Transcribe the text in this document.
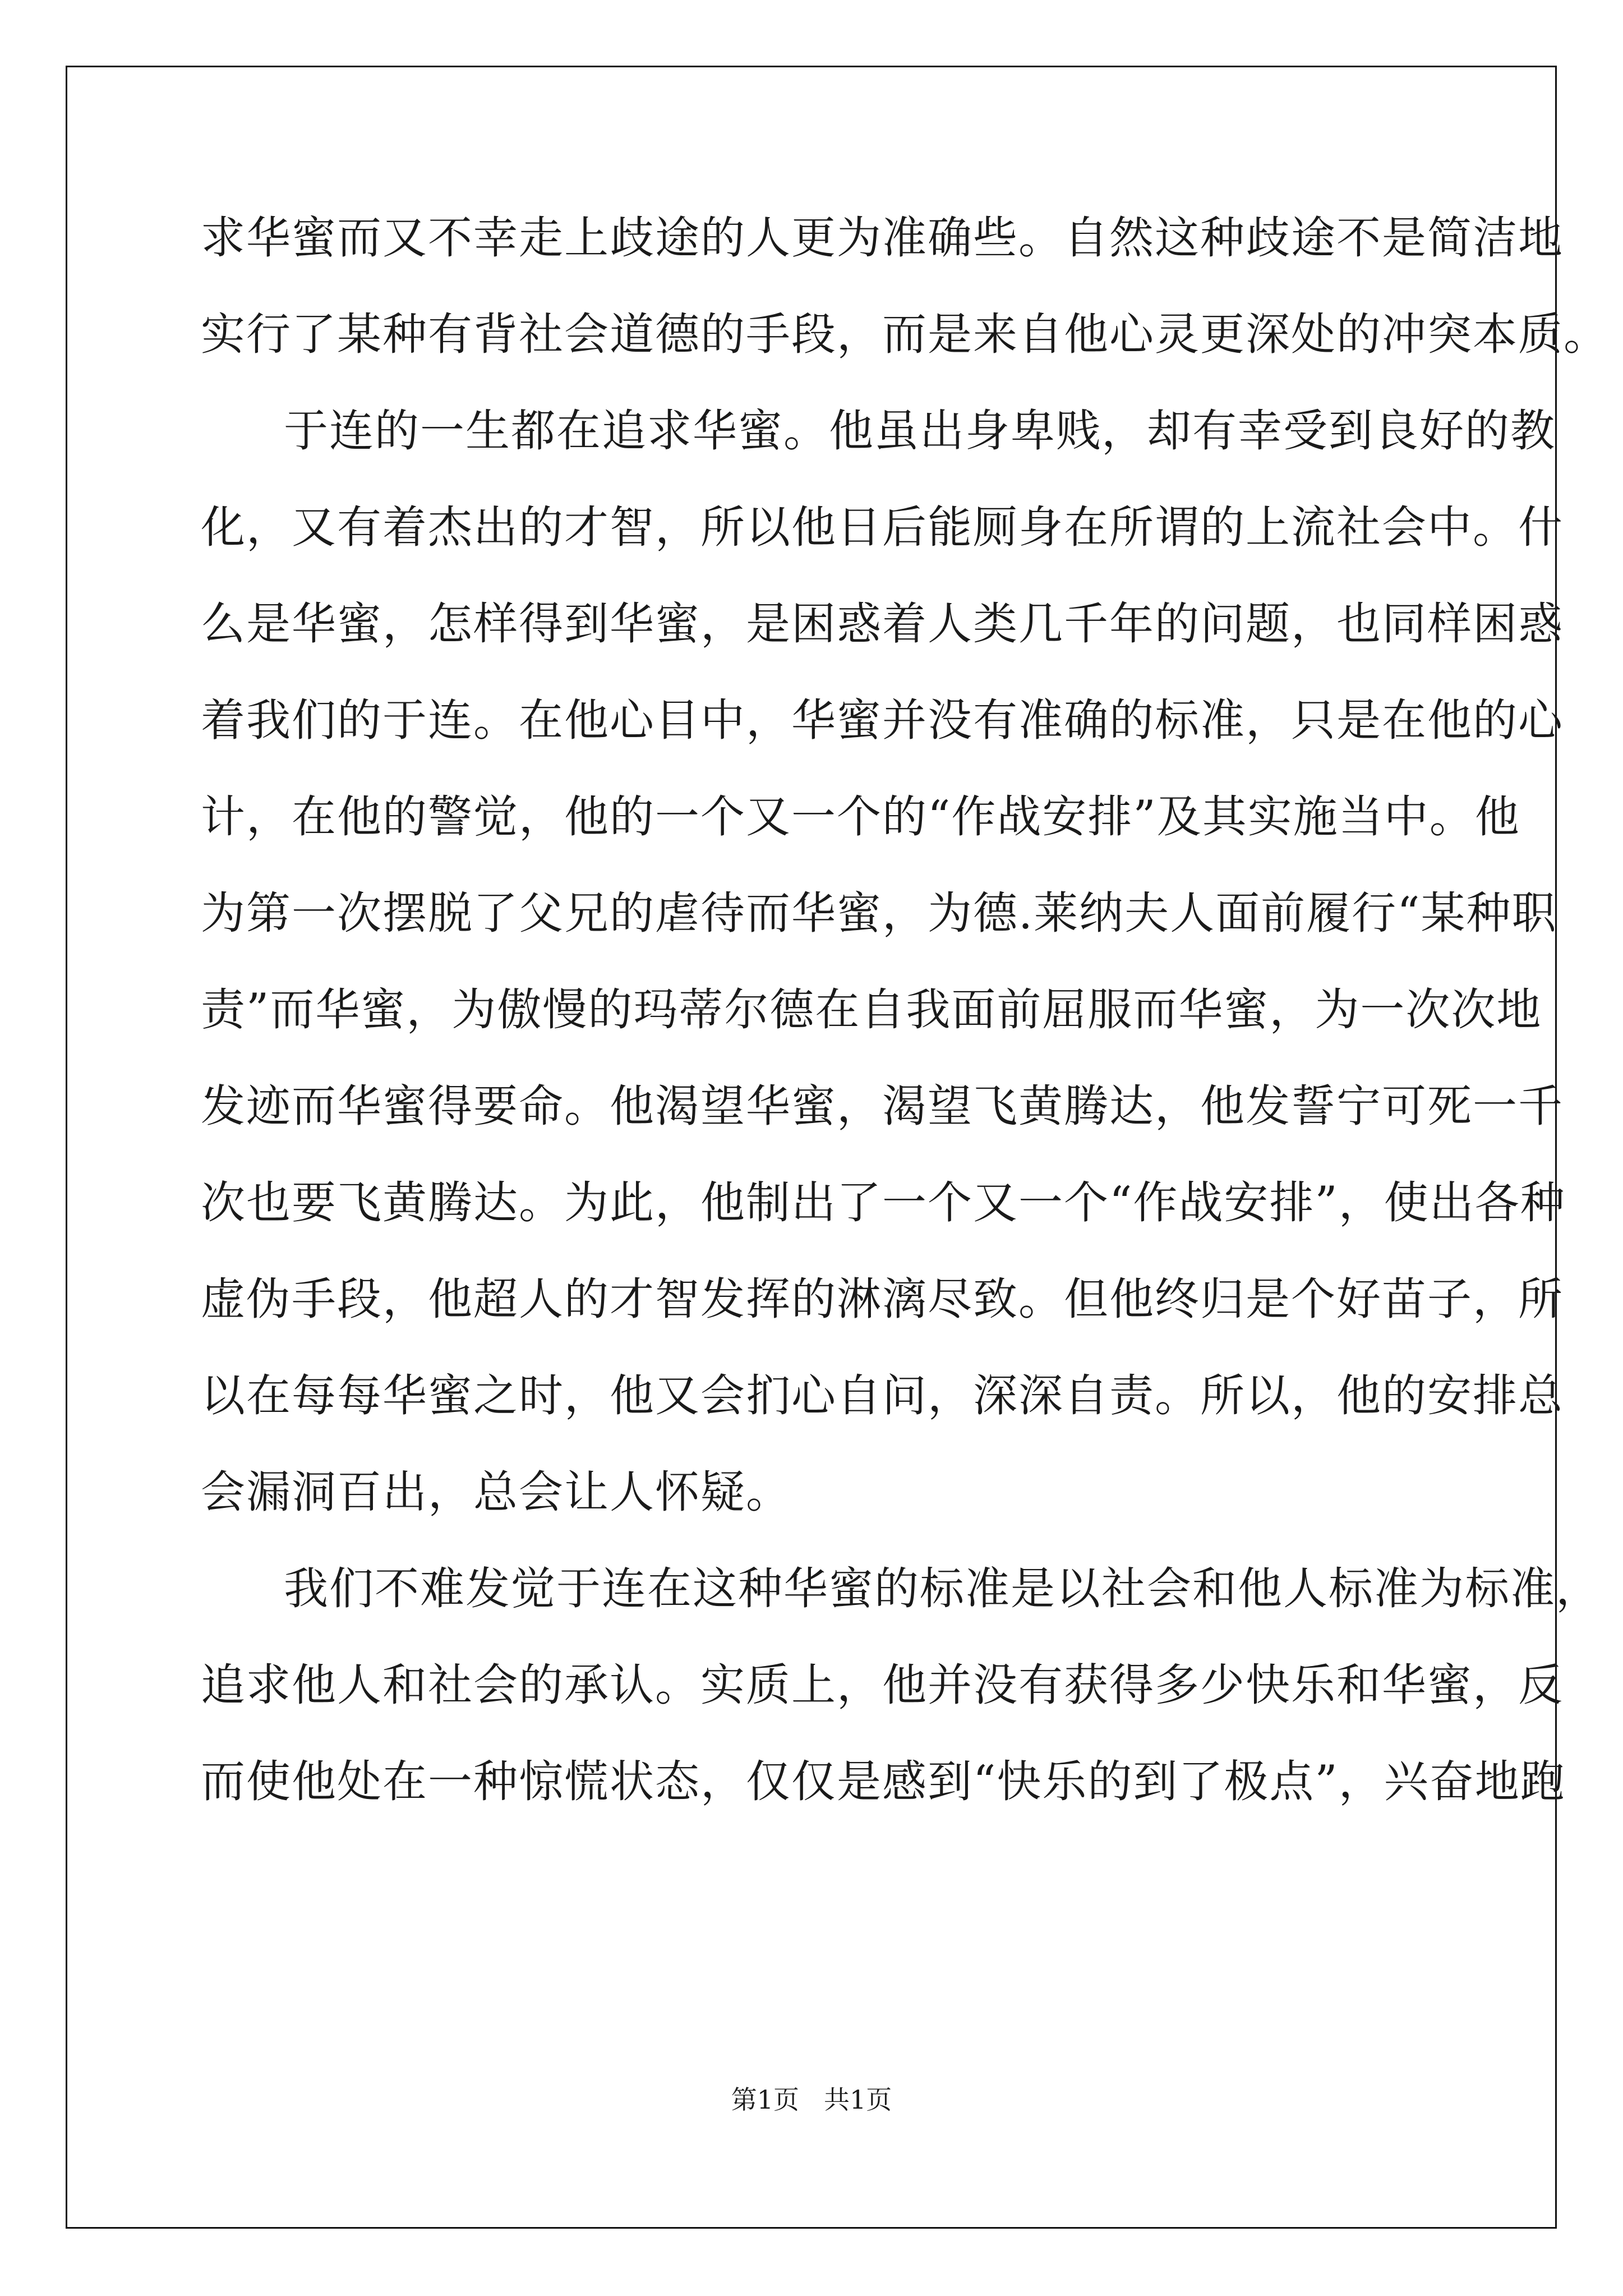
求华蜜而又不幸走上歧途的人更为准确些。自然这种歧途不是简洁地
实行了某种有背社会道德的手段，而是来自他心灵更深处的冲突本质。
于连的一生都在追求华蜜。他虽出身卑贱，却有幸受到良好的教
化，又有着杰出的才智，所以他日后能厕身在所谓的上流社会中。什
么是华蜜，怎样得到华蜜，是困惑着人类几千年的问题，也同样困惑
着我们的于连。在他心目中，华蜜并没有准确的标准，只是在他的心
计，在他的警觉，他的一个又一个的“作战安排”及其实施当中。他
为第一次摆脱了父兄的虐待而华蜜，为德.莱纳夫人面前履行“某种职
责”而华蜜，为傲慢的玛蒂尔德在自我面前屈服而华蜜，为一次次地
发迹而华蜜得要命。他渴望华蜜，渴望飞黄腾达，他发誓宁可死一千
次也要飞黄腾达。为此，他制出了一个又一个“作战安排”，使出各种
虚伪手段，他超人的才智发挥的淋漓尽致。但他终归是个好苗子，所
以在每每华蜜之时，他又会扪心自问，深深自责。所以，他的安排总
会漏洞百出，总会让人怀疑。
我们不难发觉于连在这种华蜜的标准是以社会和他人标准为标准，
追求他人和社会的承认。实质上，他并没有获得多少快乐和华蜜，反
而使他处在一种惊慌状态，仅仅是感到“快乐的到了极点”，兴奋地跑
第1页 共1页
